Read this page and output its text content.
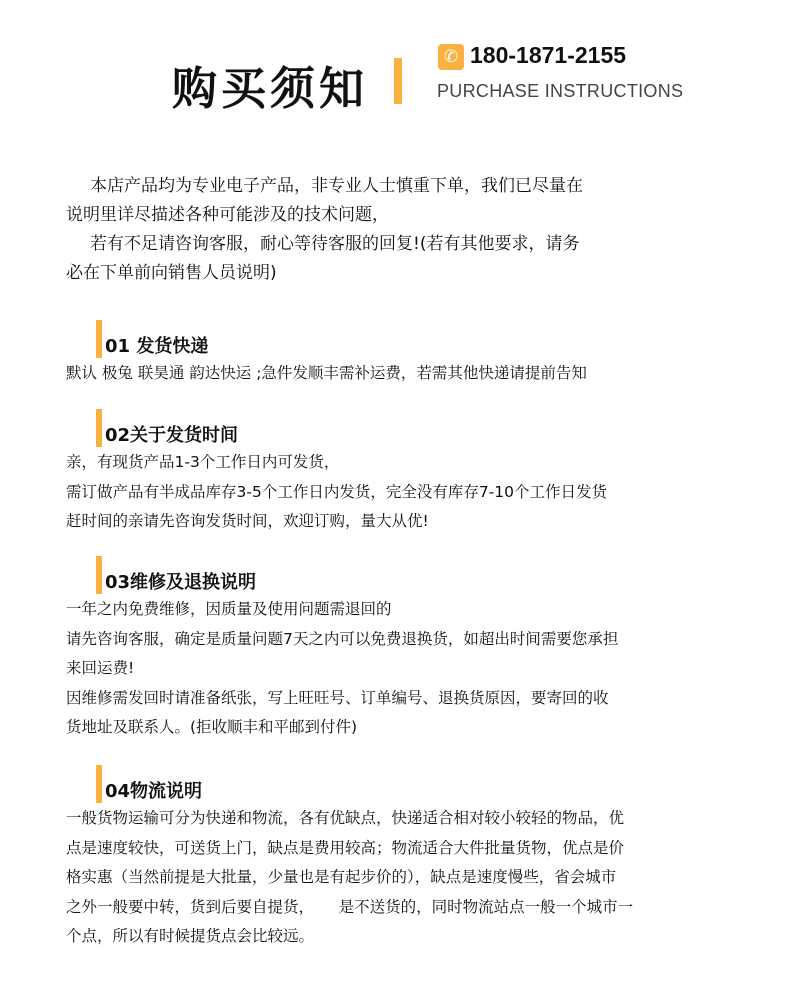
购买须知
✆ 180-1871-2155
PURCHASE INSTRUCTIONS

本店产品均为专业电子产品，非专业人士慎重下单，我们已尽量在

说明里详尽描述各种可能涉及的技术问题，

若有不足请咨询客服，耐心等待客服的回复!(若有其他要求，请务

必在下单前向销售人员说明)

01 发货快递
默认 极兔 联昊通 韵达快运 ;急件发顺丰需补运费，若需其他快递请提前告知
02关于发货时间
亲，有现货产品1-3个工作日内可发货，
需订做产品有半成品库存3-5个工作日内发货，完全没有库存7-10个工作日发货
赶时间的亲请先咨询发货时间，欢迎订购，量大从优!
03维修及退换说明
一年之内免费维修，因质量及使用问题需退回的
请先咨询客服，确定是质量问题7天之内可以免费退换货，如超出时间需要您承担
来回运费!
因维修需发回时请准备纸张，写上旺旺号、订单编号、退换货原因，要寄回的收
货地址及联系人。(拒收顺丰和平邮到付件)
04物流说明
一般货物运输可分为快递和物流，各有优缺点，快递适合相对较小较轻的物品，优
点是速度较快，可送货上门，缺点是费用较高；物流适合大件批量货物，优点是价
格实惠（当然前提是大批量，少量也是有起步价的），缺点是速度慢些，省会城市
之外一般要中转，货到后要自提货，     是不送货的，同时物流站点一般一个城市一
个点，所以有时候提货点会比较远。
